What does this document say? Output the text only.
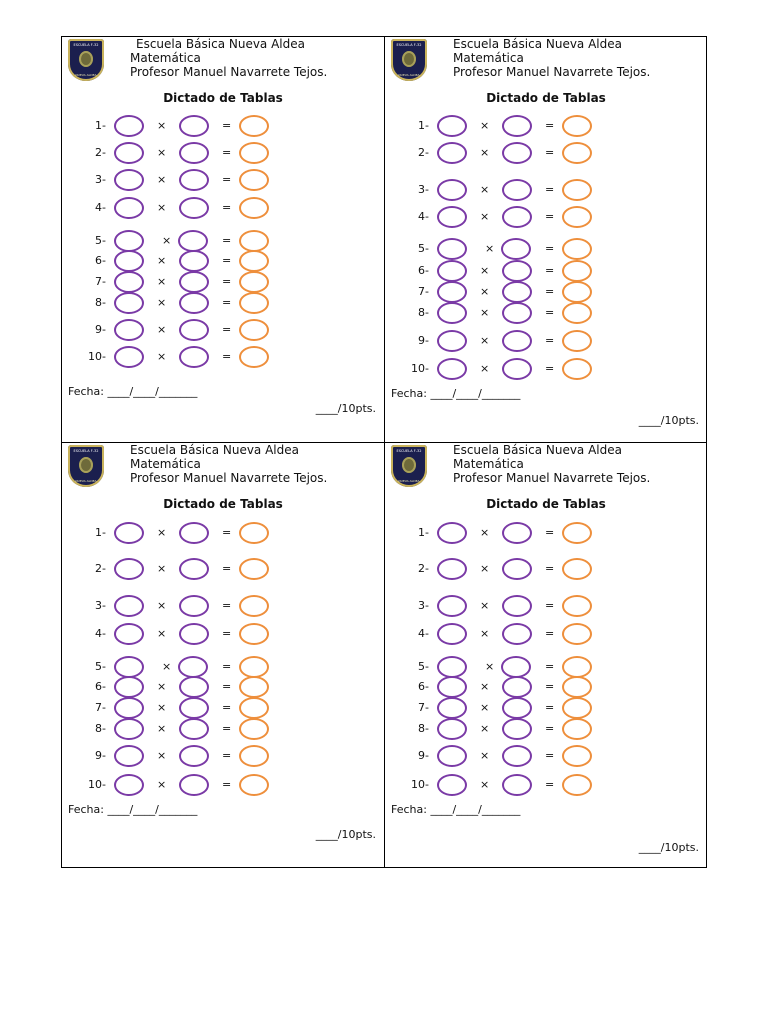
ESCUELA F-32
NUEVA ALDEA
Escuela Básica Nueva Aldea
Matemática
Profesor Manuel Navarrete Tejos.
Dictado de Tablas
1-	×	=
2-	×	=
3-	×	=
4-	×	=
5-	×	=
6-	×	=
7-	×	=
8-	×	=
9-	×	=
10-	×	=
Fecha: ____/____/_______
____/10pts.
ESCUELA F-32
NUEVA ALDEA
Escuela Básica Nueva Aldea
Matemática
Profesor Manuel Navarrete Tejos.
Dictado de Tablas
1-	×	=
2-	×	=
3-	×	=
4-	×	=
5-	×	=
6-	×	=
7-	×	=
8-	×	=
9-	×	=
10-	×	=
Fecha: ____/____/_______
____/10pts.
ESCUELA F-32
NUEVA ALDEA
Escuela Básica Nueva Aldea
Matemática
Profesor Manuel Navarrete Tejos.
Dictado de Tablas
1-	×	=
2-	×	=
3-	×	=
4-	×	=
5-	×	=
6-	×	=
7-	×	=
8-	×	=
9-	×	=
10-	×	=
Fecha: ____/____/_______
____/10pts.
ESCUELA F-32
NUEVA ALDEA
Escuela Básica Nueva Aldea
Matemática
Profesor Manuel Navarrete Tejos.
Dictado de Tablas
1-	×	=
2-	×	=
3-	×	=
4-	×	=
5-	×	=
6-	×	=
7-	×	=
8-	×	=
9-	×	=
10-	×	=
Fecha: ____/____/_______
____/10pts.
